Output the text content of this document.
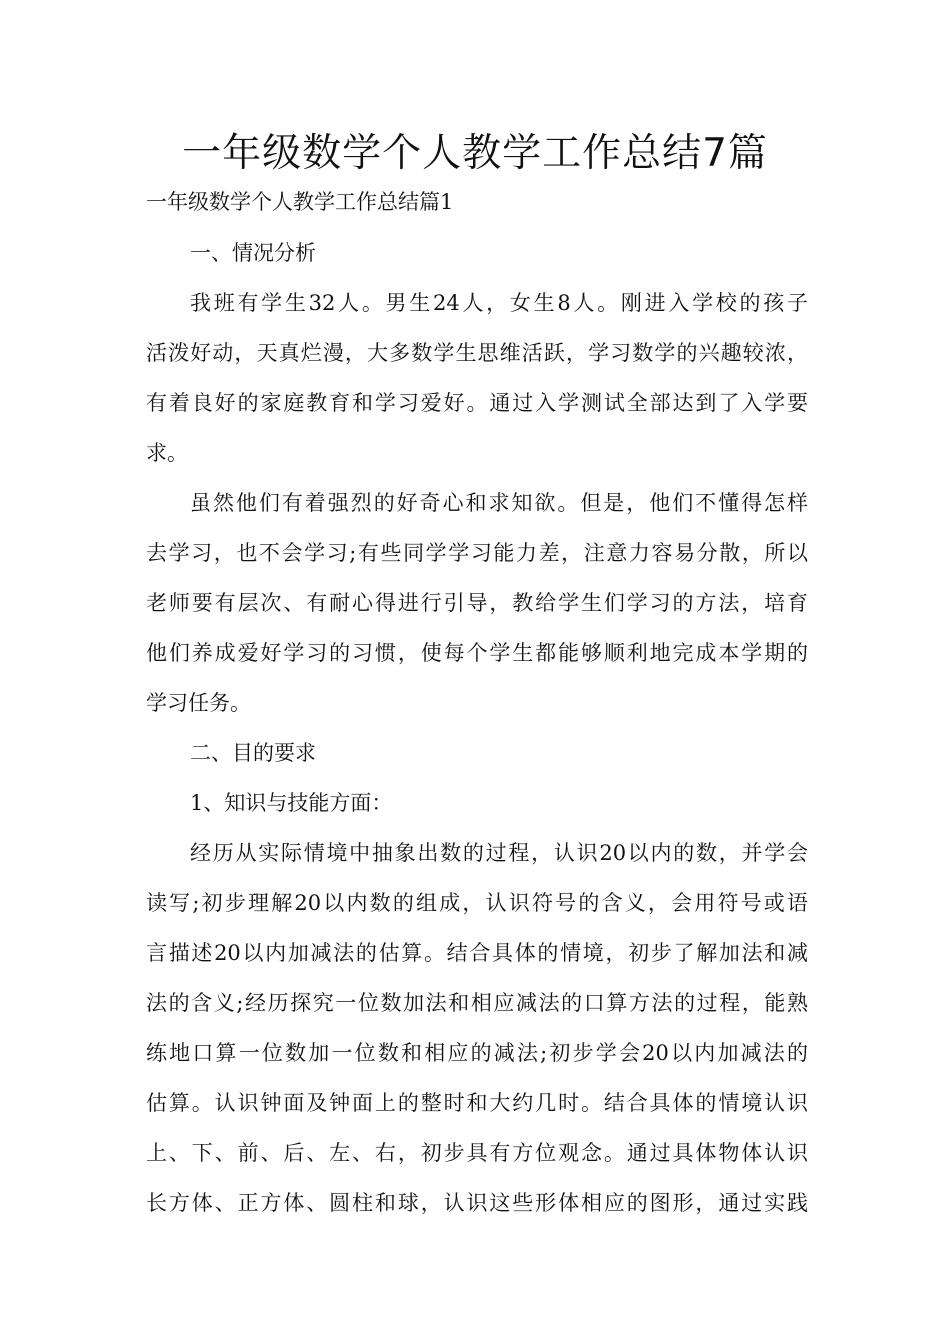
一年级数学个人教学工作总结7篇

一年级数学个人教学工作总结篇1

一、情况分析
我班有学生32人。男生24人，女生8人。刚进入学校的孩子
活泼好动，天真烂漫，大多数学生思维活跃，学习数学的兴趣较浓，
有着良好的家庭教育和学习爱好。通过入学测试全部达到了入学要
求。
虽然他们有着强烈的好奇心和求知欲。但是，他们不懂得怎样
去学习，也不会学习;有些同学学习能力差，注意力容易分散，所以
老师要有层次、有耐心得进行引导，教给学生们学习的方法，培育
他们养成爱好学习的习惯，使每个学生都能够顺利地完成本学期的
学习任务。
二、目的要求
1、知识与技能方面：
经历从实际情境中抽象出数的过程，认识20以内的数，并学会
读写;初步理解20以内数的组成，认识符号的含义，会用符号或语
言描述20以内加减法的估算。结合具体的情境，初步了解加法和减
法的含义;经历探究一位数加法和相应减法的口算方法的过程，能熟
练地口算一位数加一位数和相应的减法;初步学会20以内加减法的
估算。认识钟面及钟面上的整时和大约几时。结合具体的情境认识
上、下、前、后、左、右，初步具有方位观念。通过具体物体认识
长方体、正方体、圆柱和球，认识这些形体相应的图形，通过实践
